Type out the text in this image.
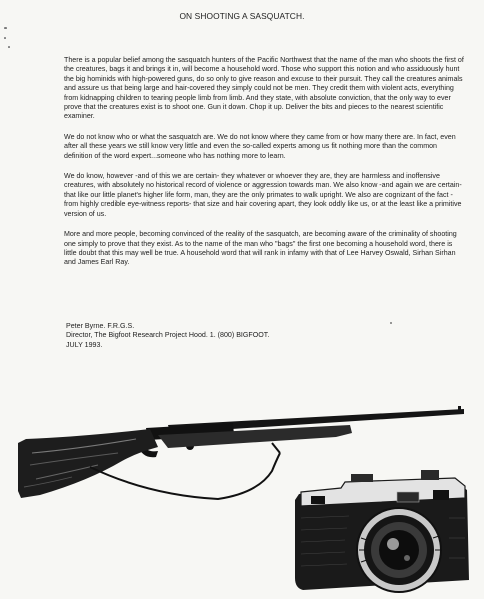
ON SHOOTING A SASQUATCH.

There is a popular belief among the sasquatch hunters of the Pacific Northwest that the name of the man who shoots the first of the creatures, bags it and brings it in, will become a household word. Those who support this notion and who assiduously hunt the big hominids with high-powered guns, do so only to give reason and excuse to their pursuit. They call the creatures animals and assure us that being large and hair-covered they simply could not be men. They credit them with violent acts, everything from kidnapping children to tearing people limb from limb. And they state, with absolute conviction, that the only way to ever prove that the creatures exist is to shoot one. Gun it down. Chop it up. Deliver the bits and pieces to the nearest scientific examiner.

We do not know who or what the sasquatch are. We do not know where they came from or how many there are. In fact, even after all these years we still know very little and even the so-called experts among us fit nothing more than the common definition of the word expert...someone who has nothing more to learn.

We do know, however -and of this we are certain- they whatever or whoever they are, they are harmless and inoffensive creatures, with absolutely no historical record of violence or aggression towards man. We also know -and again we are certain- that like our little planet's higher life form, man, they are the only primates to walk upright. We also are cognizant of the fact -from highly credible eye-witness reports- that size and hair covering apart, they look oddly like us, or at the least like a primitive version of us.

More and more people, becoming convinced of the reality of the sasquatch, are becoming aware of the criminality of shooting one simply to prove that they exist. As to the name of the man who "bags" the first one becoming a household word, there is little doubt that this may well be true. A household word that will rank in infamy with that of Lee Harvey Oswald, Sirhan Sirhan and James Earl Ray.

Peter Byrne. F.R.G.S.
Director, The Bigfoot Research Project Hood. 1. (800) BIGFOOT.
JULY 1993.
